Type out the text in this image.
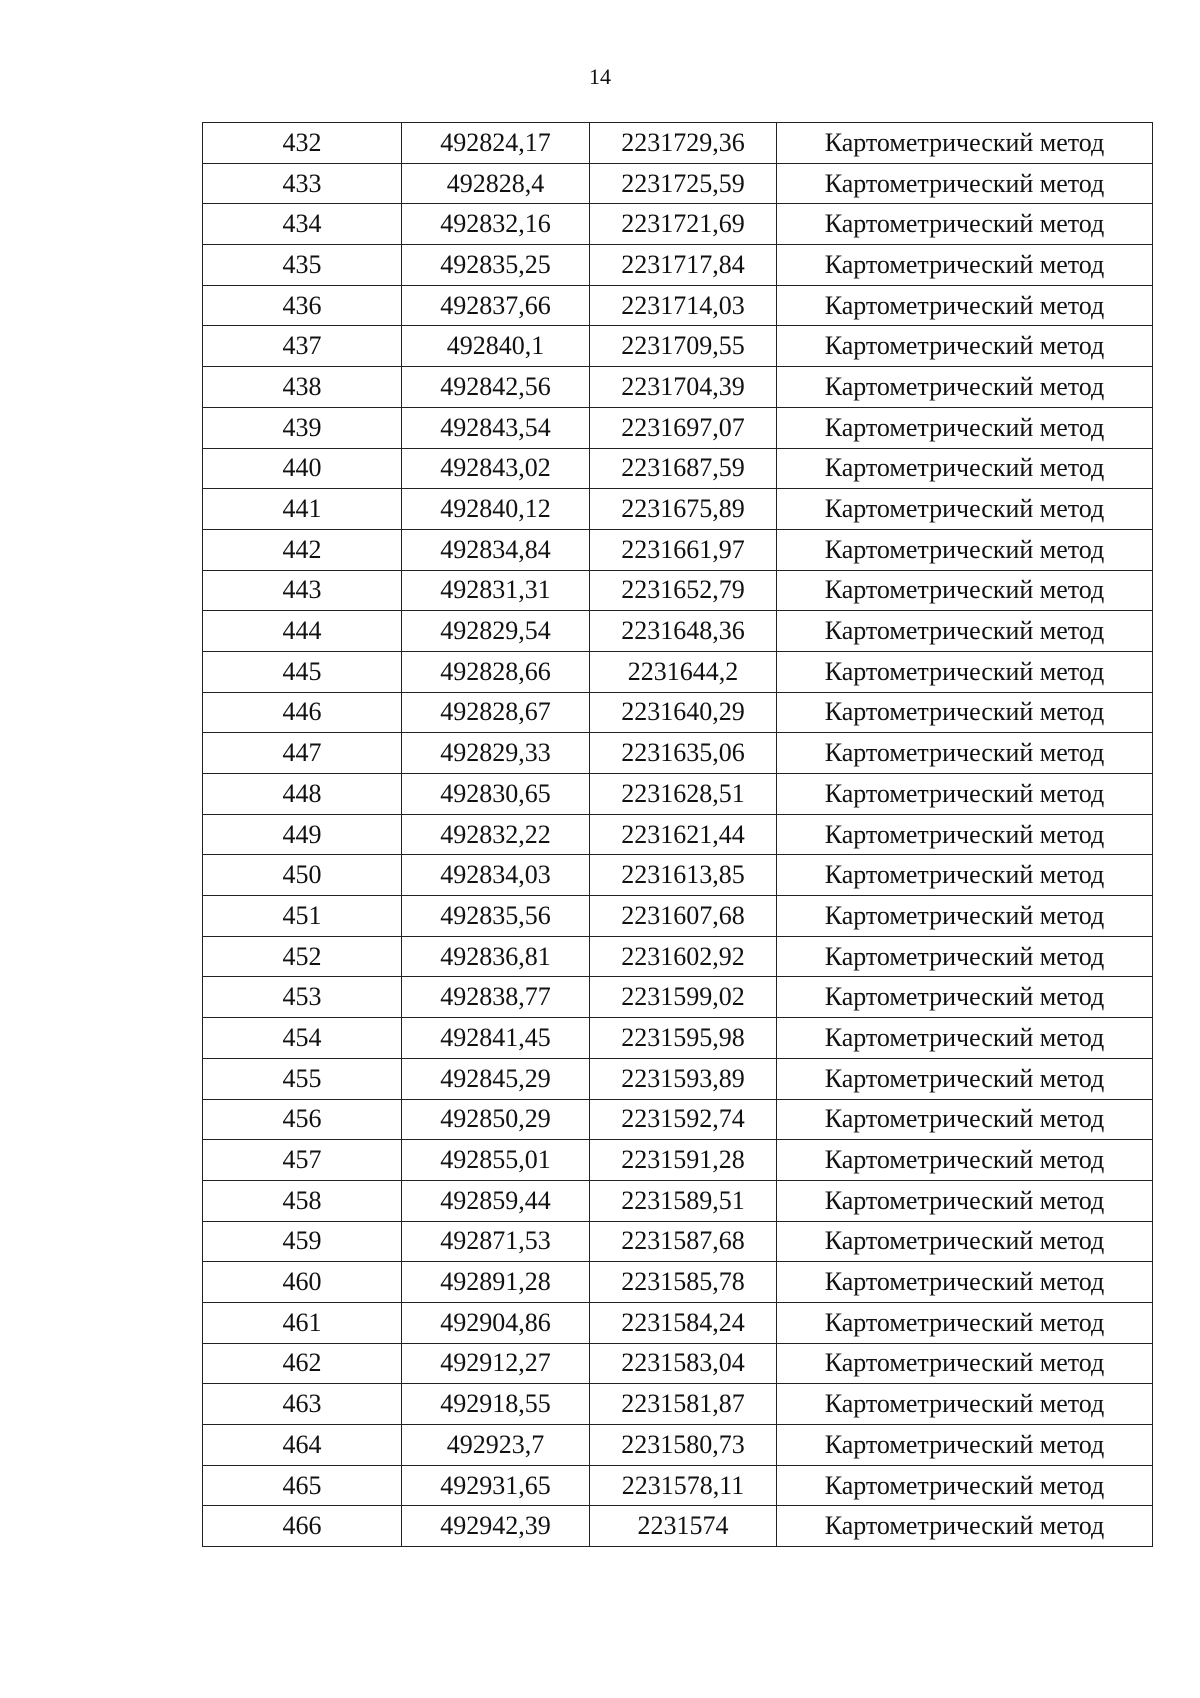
14
432	492824,17	2231729,36	Картометрический метод
433	492828,4	2231725,59	Картометрический метод
434	492832,16	2231721,69	Картометрический метод
435	492835,25	2231717,84	Картометрический метод
436	492837,66	2231714,03	Картометрический метод
437	492840,1	2231709,55	Картометрический метод
438	492842,56	2231704,39	Картометрический метод
439	492843,54	2231697,07	Картометрический метод
440	492843,02	2231687,59	Картометрический метод
441	492840,12	2231675,89	Картометрический метод
442	492834,84	2231661,97	Картометрический метод
443	492831,31	2231652,79	Картометрический метод
444	492829,54	2231648,36	Картометрический метод
445	492828,66	2231644,2	Картометрический метод
446	492828,67	2231640,29	Картометрический метод
447	492829,33	2231635,06	Картометрический метод
448	492830,65	2231628,51	Картометрический метод
449	492832,22	2231621,44	Картометрический метод
450	492834,03	2231613,85	Картометрический метод
451	492835,56	2231607,68	Картометрический метод
452	492836,81	2231602,92	Картометрический метод
453	492838,77	2231599,02	Картометрический метод
454	492841,45	2231595,98	Картометрический метод
455	492845,29	2231593,89	Картометрический метод
456	492850,29	2231592,74	Картометрический метод
457	492855,01	2231591,28	Картометрический метод
458	492859,44	2231589,51	Картометрический метод
459	492871,53	2231587,68	Картометрический метод
460	492891,28	2231585,78	Картометрический метод
461	492904,86	2231584,24	Картометрический метод
462	492912,27	2231583,04	Картометрический метод
463	492918,55	2231581,87	Картометрический метод
464	492923,7	2231580,73	Картометрический метод
465	492931,65	2231578,11	Картометрический метод
466	492942,39	2231574	Картометрический метод
